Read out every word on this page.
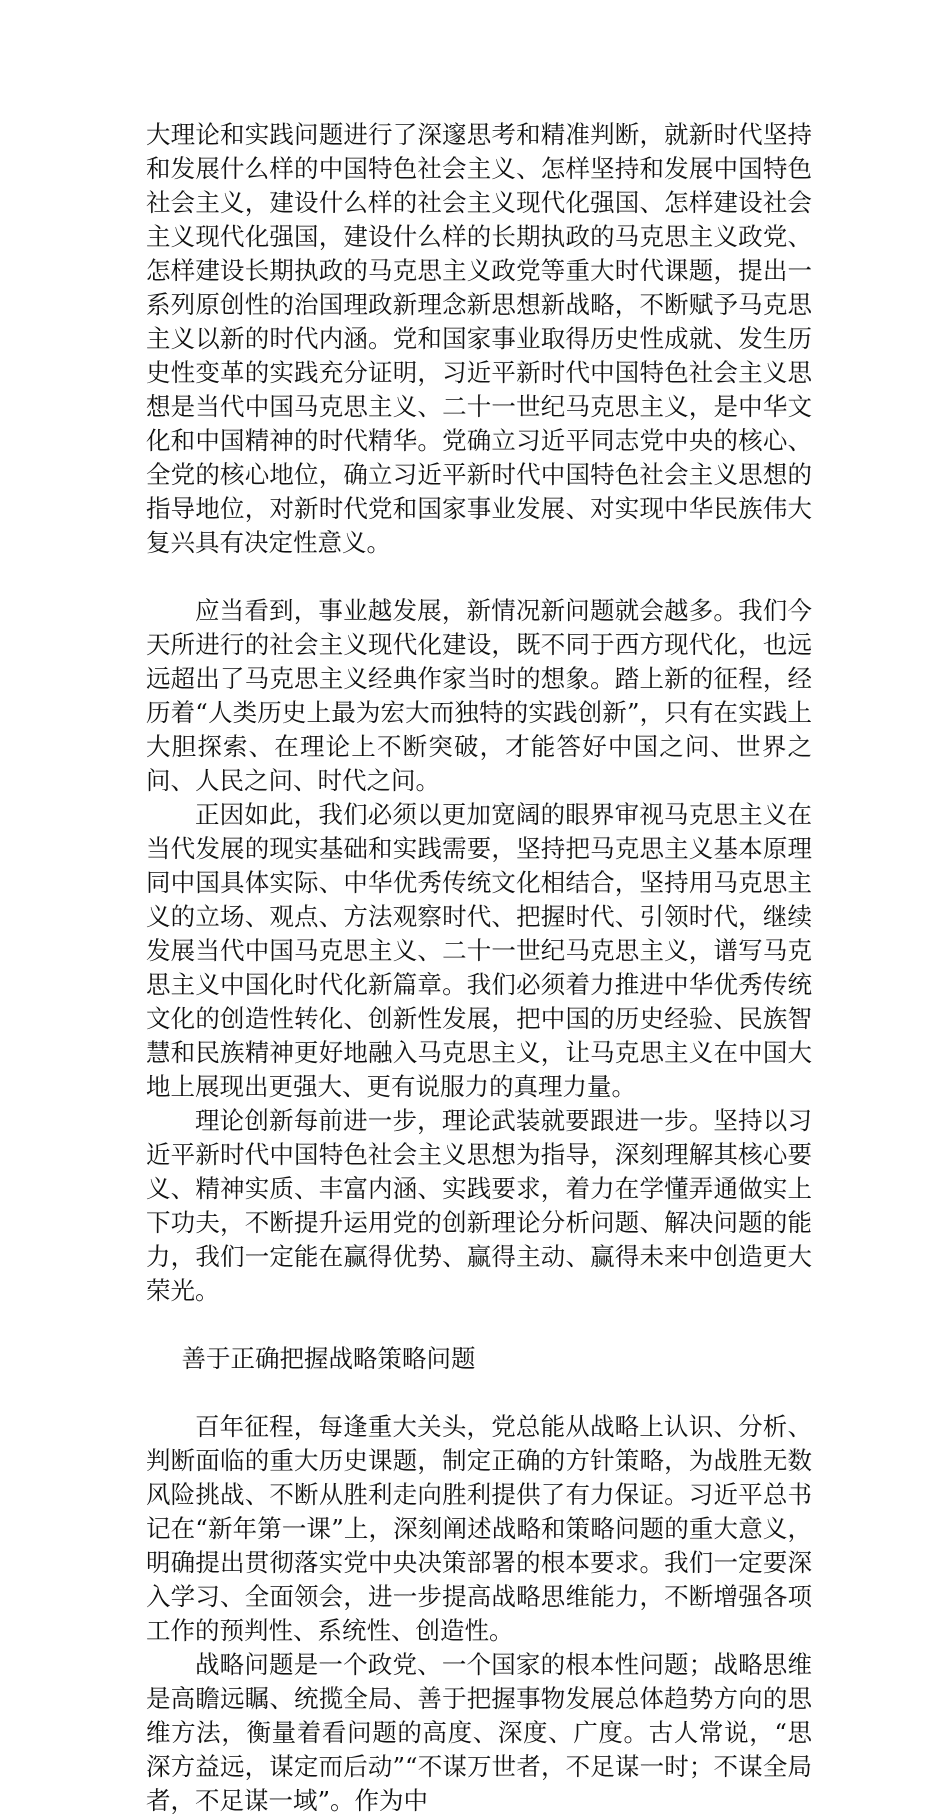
大理论和实践问题进行了深邃思考和精准判断，就新时代坚持和发展什么样的中国特色社会主义、怎样坚持和发展中国特色社会主义，建设什么样的社会主义现代化强国、怎样建设社会主义现代化强国，建设什么样的长期执政的马克思主义政党、怎样建设长期执政的马克思主义政党等重大时代课题，提出一系列原创性的治国理政新理念新思想新战略，不断赋予马克思主义以新的时代内涵。党和国家事业取得历史性成就、发生历史性变革的实践充分证明，习近平新时代中国特色社会主义思想是当代中国马克思主义、二十一世纪马克思主义，是中华文化和中国精神的时代精华。党确立习近平同志党中央的核心、全党的核心地位，确立习近平新时代中国特色社会主义思想的指导地位，对新时代党和国家事业发展、对实现中华民族伟大复兴具有决定性意义。

应当看到，事业越发展，新情况新问题就会越多。我们今天所进行的社会主义现代化建设，既不同于西方现代化，也远远超出了马克思主义经典作家当时的想象。踏上新的征程，经历着“人类历史上最为宏大而独特的实践创新”，只有在实践上大胆探索、在理论上不断突破，才能答好中国之问、世界之问、人民之问、时代之问。

正因如此，我们必须以更加宽阔的眼界审视马克思主义在当代发展的现实基础和实践需要，坚持把马克思主义基本原理同中国具体实际、中华优秀传统文化相结合，坚持用马克思主义的立场、观点、方法观察时代、把握时代、引领时代，继续发展当代中国马克思主义、二十一世纪马克思主义，谱写马克思主义中国化时代化新篇章。我们必须着力推进中华优秀传统文化的创造性转化、创新性发展，把中国的历史经验、民族智慧和民族精神更好地融入马克思主义，让马克思主义在中国大地上展现出更强大、更有说服力的真理力量。

理论创新每前进一步，理论武装就要跟进一步。坚持以习近平新时代中国特色社会主义思想为指导，深刻理解其核心要义、精神实质、丰富内涵、实践要求，着力在学懂弄通做实上下功夫，不断提升运用党的创新理论分析问题、解决问题的能力，我们一定能在赢得优势、赢得主动、赢得未来中创造更大荣光。

善于正确把握战略策略问题

百年征程，每逢重大关头，党总能从战略上认识、分析、判断面临的重大历史课题，制定正确的方针策略，为战胜无数风险挑战、不断从胜利走向胜利提供了有力保证。习近平总书记在“新年第一课”上，深刻阐述战略和策略问题的重大意义，明确提出贯彻落实党中央决策部署的根本要求。我们一定要深入学习、全面领会，进一步提高战略思维能力，不断增强各项工作的预判性、系统性、创造性。

战略问题是一个政党、一个国家的根本性问题；战略思维是高瞻远瞩、统揽全局、善于把握事物发展总体趋势方向的思维方法，衡量着看问题的高度、深度、广度。古人常说，“思深方益远，谋定而后动”“不谋万世者，不足谋一时；不谋全局者，不足谋一域”。作为中
